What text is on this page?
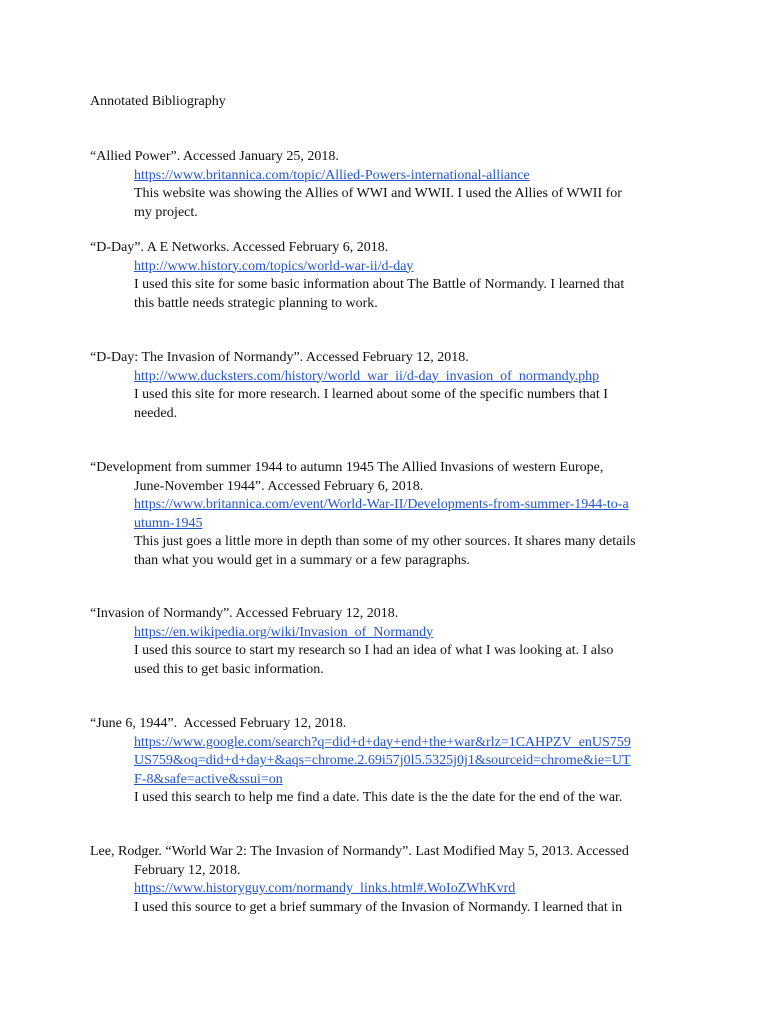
Annotated Bibliography
“Allied Power”. Accessed January 25, 2018.
https://www.britannica.com/topic/Allied-Powers-international-alliance
This website was showing the Allies of WWI and WWII. I used the Allies of WWII for
my project.
“D-Day”. A E Networks. Accessed February 6, 2018.
http://www.history.com/topics/world-war-ii/d-day
I used this site for some basic information about The Battle of Normandy. I learned that
this battle needs strategic planning to work.
“D-Day: The Invasion of Normandy”. Accessed February 12, 2018.
http://www.ducksters.com/history/world_war_ii/d-day_invasion_of_normandy.php
I used this site for more research. I learned about some of the specific numbers that I
needed.
“Development from summer 1944 to autumn 1945 The Allied Invasions of western Europe,
June-November 1944”. Accessed February 6, 2018.
https://www.britannica.com/event/World-War-II/Developments-from-summer-1944-to-a
utumn-1945
This just goes a little more in depth than some of my other sources. It shares many details
than what you would get in a summary or a few paragraphs.
“Invasion of Normandy”. Accessed February 12, 2018.
https://en.wikipedia.org/wiki/Invasion_of_Normandy
I used this source to start my research so I had an idea of what I was looking at. I also
used this to get basic information.
“June 6, 1944”.  Accessed February 12, 2018.
https://www.google.com/search?q=did+d+day+end+the+war&rlz=1CAHPZV_enUS759
US759&oq=did+d+day+&aqs=chrome.2.69i57j0l5.5325j0j1&sourceid=chrome&ie=UT
F-8&safe=active&ssui=on
I used this search to help me find a date. This date is the the date for the end of the war.
Lee, Rodger. “World War 2: The Invasion of Normandy”. Last Modified May 5, 2013. Accessed
February 12, 2018.
https://www.historyguy.com/normandy_links.html#.WoIoZWhKvrd
I used this source to get a brief summary of the Invasion of Normandy. I learned that in
